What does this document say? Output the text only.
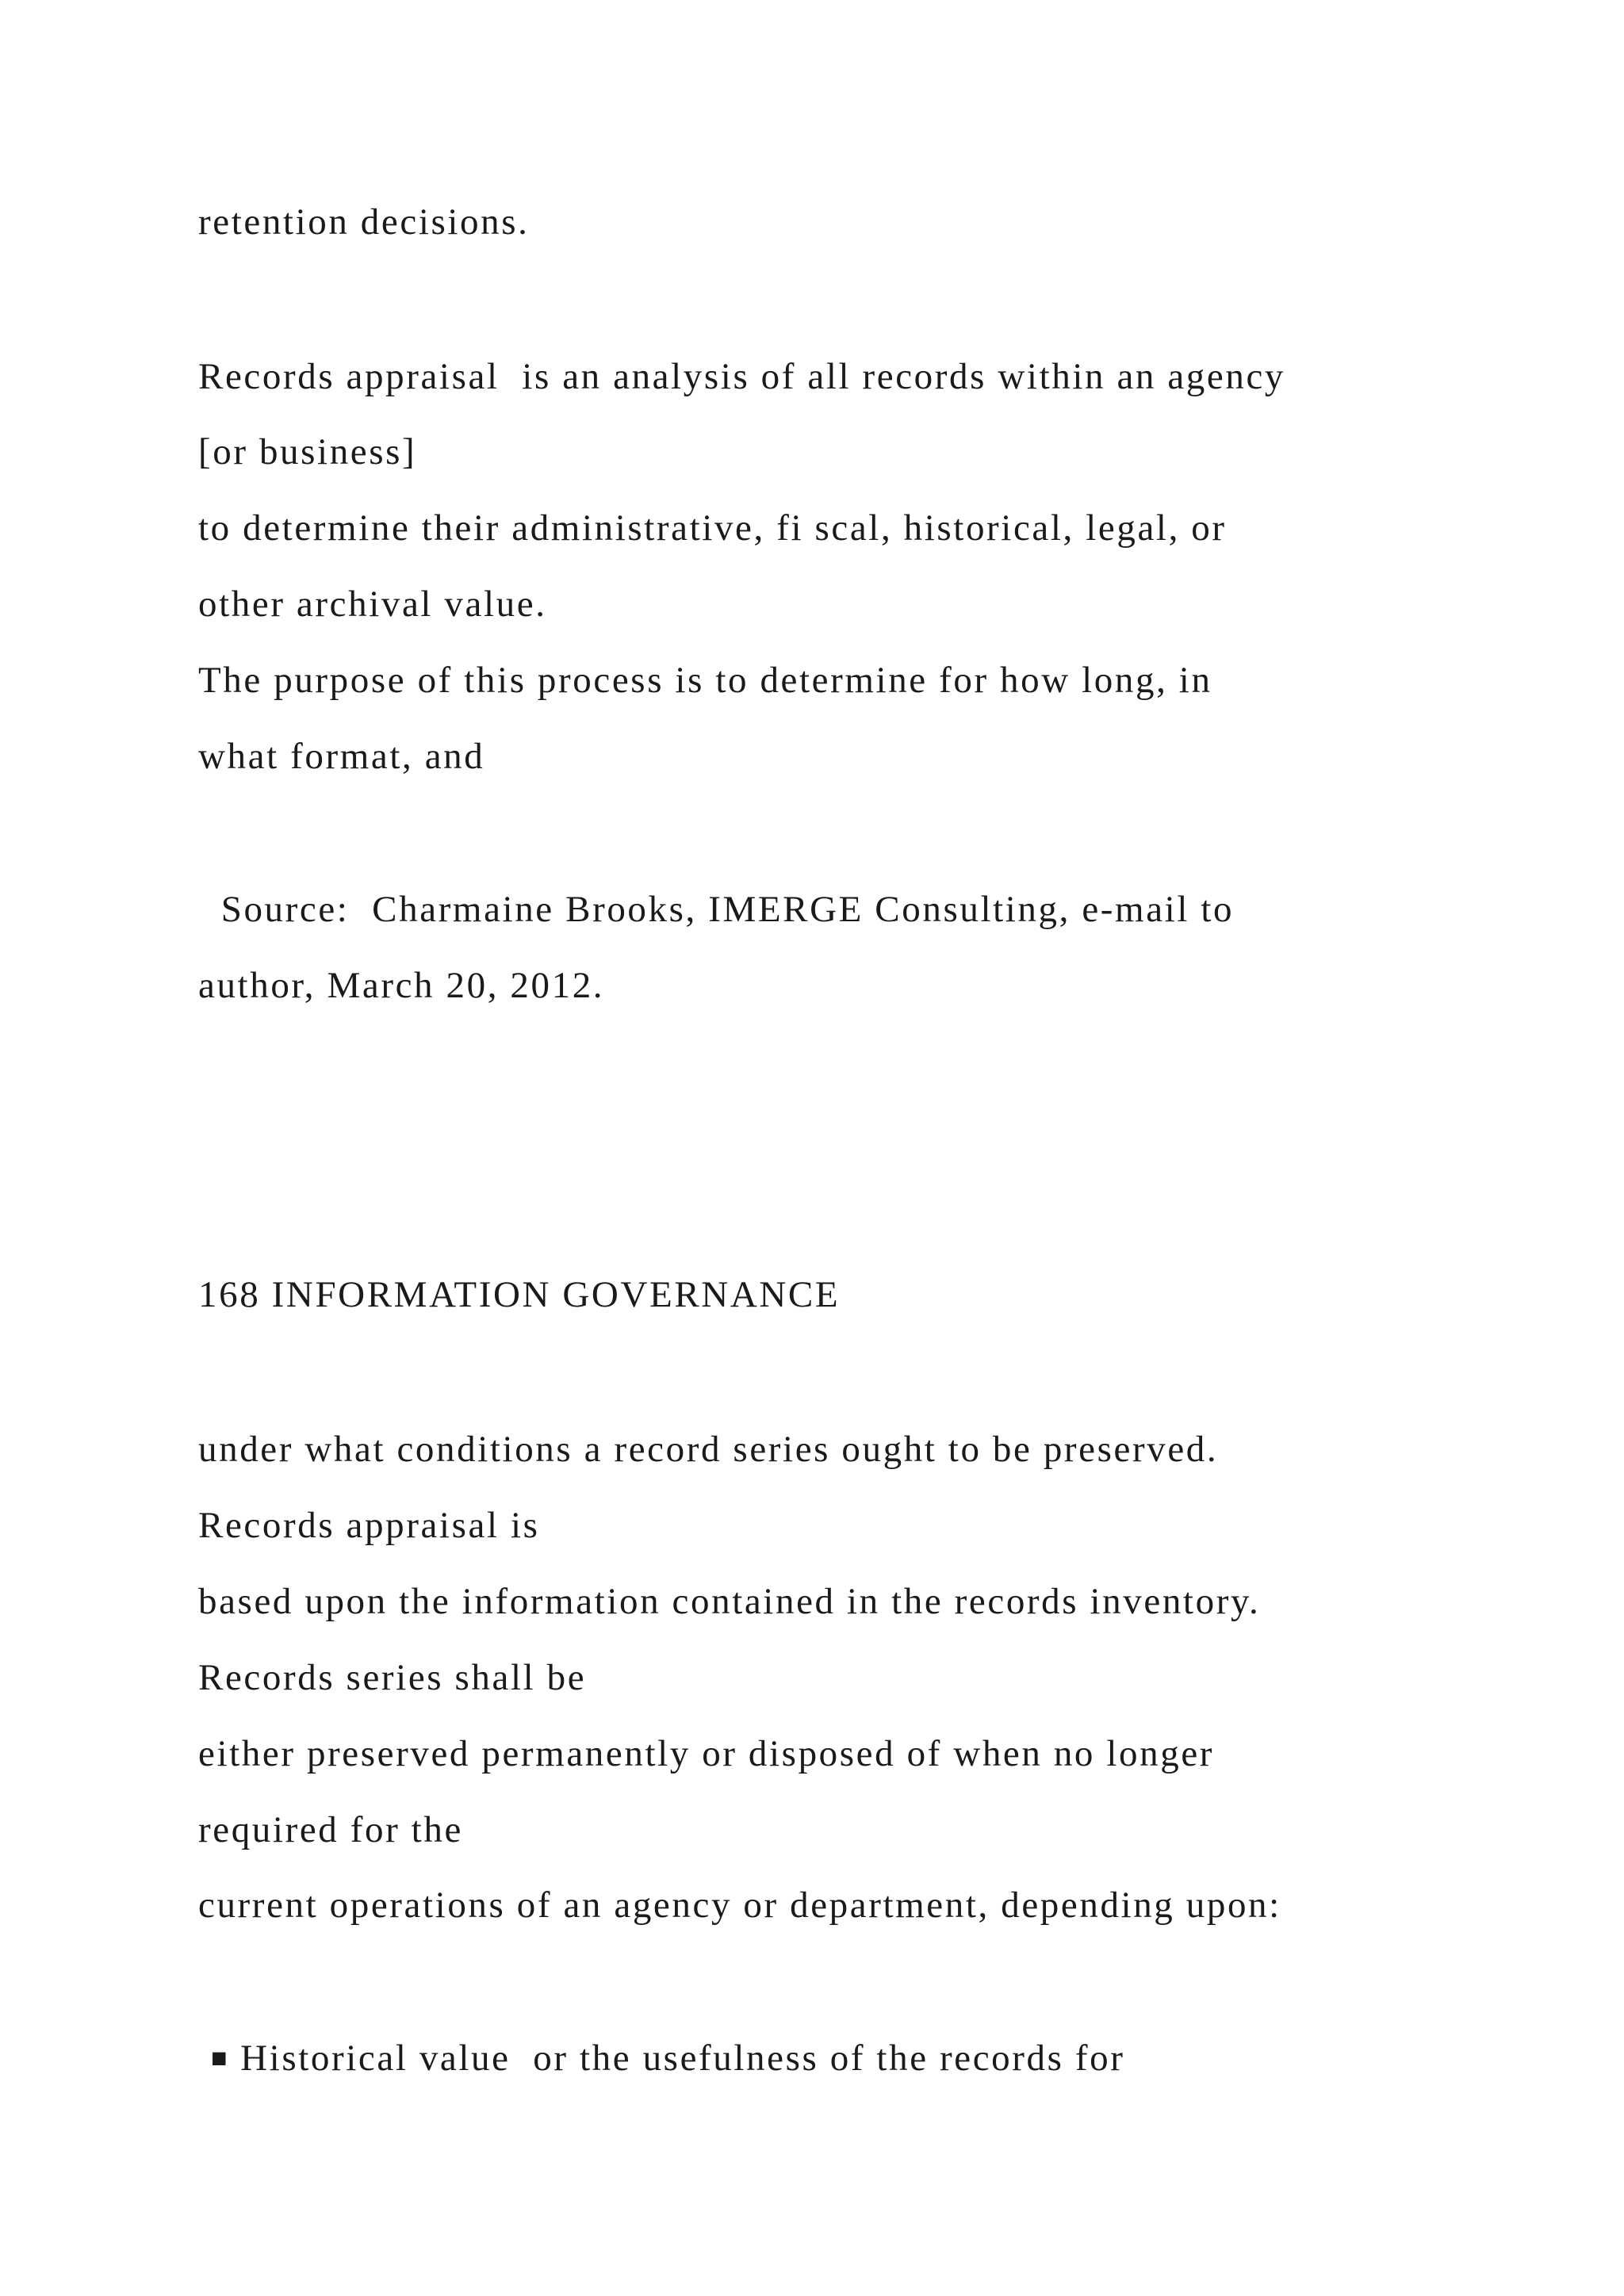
retention decisions.

Records appraisal  is an analysis of all records within an agency

[or business]

to determine their administrative, fi scal, historical, legal, or

other archival value.

The purpose of this process is to determine for how long, in

what format, and

Source:  Charmaine Brooks, IMERGE Consulting, e-mail to

author, March 20, 2012.

168 INFORMATION GOVERNANCE

under what conditions a record series ought to be preserved.

Records appraisal is

based upon the information contained in the records inventory.

Records series shall be

either preserved permanently or disposed of when no longer

required for the

current operations of an agency or department, depending upon:

■ Historical value  or the usefulness of the records for
